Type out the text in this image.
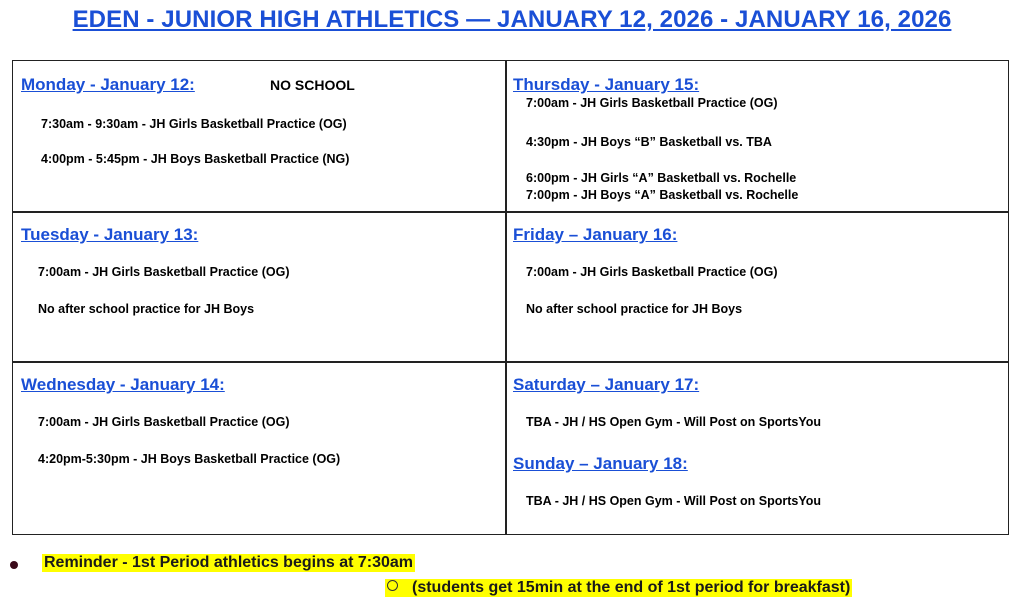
EDEN - JUNIOR HIGH ATHLETICS — JANUARY 12, 2026 - JANUARY 16, 2026
Monday - January 12:	NO SCHOOL
7:30am - 9:30am - JH Girls Basketball Practice (OG)
4:00pm - 5:45pm - JH Boys Basketball Practice (NG)
Thursday - January 15:
7:00am - JH Girls Basketball Practice (OG)
4:30pm - JH Boys “B” Basketball vs. TBA
6:00pm - JH Girls “A” Basketball vs. Rochelle
7:00pm - JH Boys “A” Basketball vs. Rochelle
Tuesday - January 13:
7:00am - JH Girls Basketball Practice (OG)
No after school practice for JH Boys
Friday – January 16:
7:00am - JH Girls Basketball Practice (OG)
No after school practice for JH Boys
Wednesday - January 14:
7:00am - JH Girls Basketball Practice (OG)
4:20pm-5:30pm - JH Boys Basketball Practice (OG)
Saturday – January 17:
TBA - JH / HS Open Gym - Will Post on SportsYou
Sunday – January 18:
TBA - JH / HS Open Gym - Will Post on SportsYou
Reminder - 1st Period athletics begins at 7:30am
(students get 15min at the end of 1st period for breakfast)
